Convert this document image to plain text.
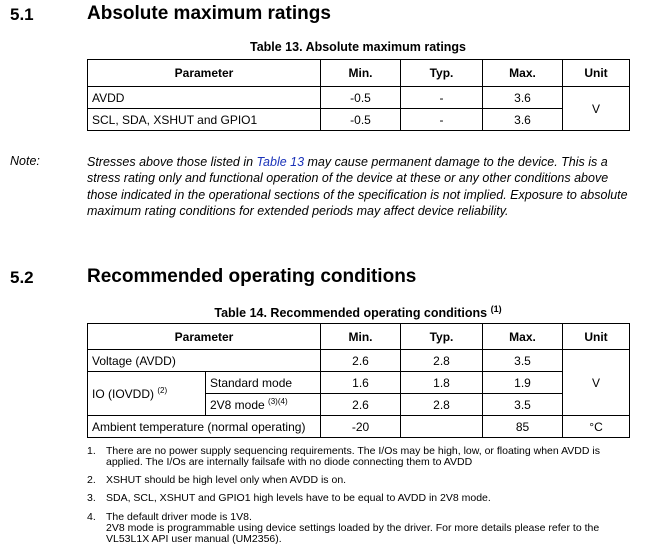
5.1	Absolute maximum ratings
Table 13. Absolute maximum ratings
Parameter	Min.	Typ.	Max.	Unit
AVDD	-0.5	-	3.6	V
SCL, SDA, XSHUT and GPIO1	-0.5	-	3.6	
Note:	Stresses above those listed in Table 13 may cause permanent damage to the device. This is a stress rating only and functional operation of the device at these or any other conditions above those indicated in the operational sections of the specification is not implied. Exposure to absolute maximum rating conditions for extended periods may affect device reliability.
5.2	Recommended operating conditions
Table 14. Recommended operating conditions $^{(1)}$
Parameter		Min.	Typ.	Max.	Unit
Voltage (AVDD)		2.6	2.8	3.5	V
IO (IOVDD) $^{(2)}$	Standard mode	1.6	1.8	1.9	
	2V8 mode $^{(3)(4)}$	2.6	2.8	3.5	
Ambient temperature (normal operating)		-20		85	°C
1. There are no power supply sequencing requirements. The I/Os may be high, low, or floating when AVDD is applied. The I/Os are internally failsafe with no diode connecting them to AVDD
2. XSHUT should be high level only when AVDD is on.
3. SDA, SCL, XSHUT and GPIO1 high levels have to be equal to AVDD in 2V8 mode.
4. The default driver mode is 1V8.
2V8 mode is programmable using device settings loaded by the driver. For more details please refer to the VL53L1X API user manual (UM2356).
